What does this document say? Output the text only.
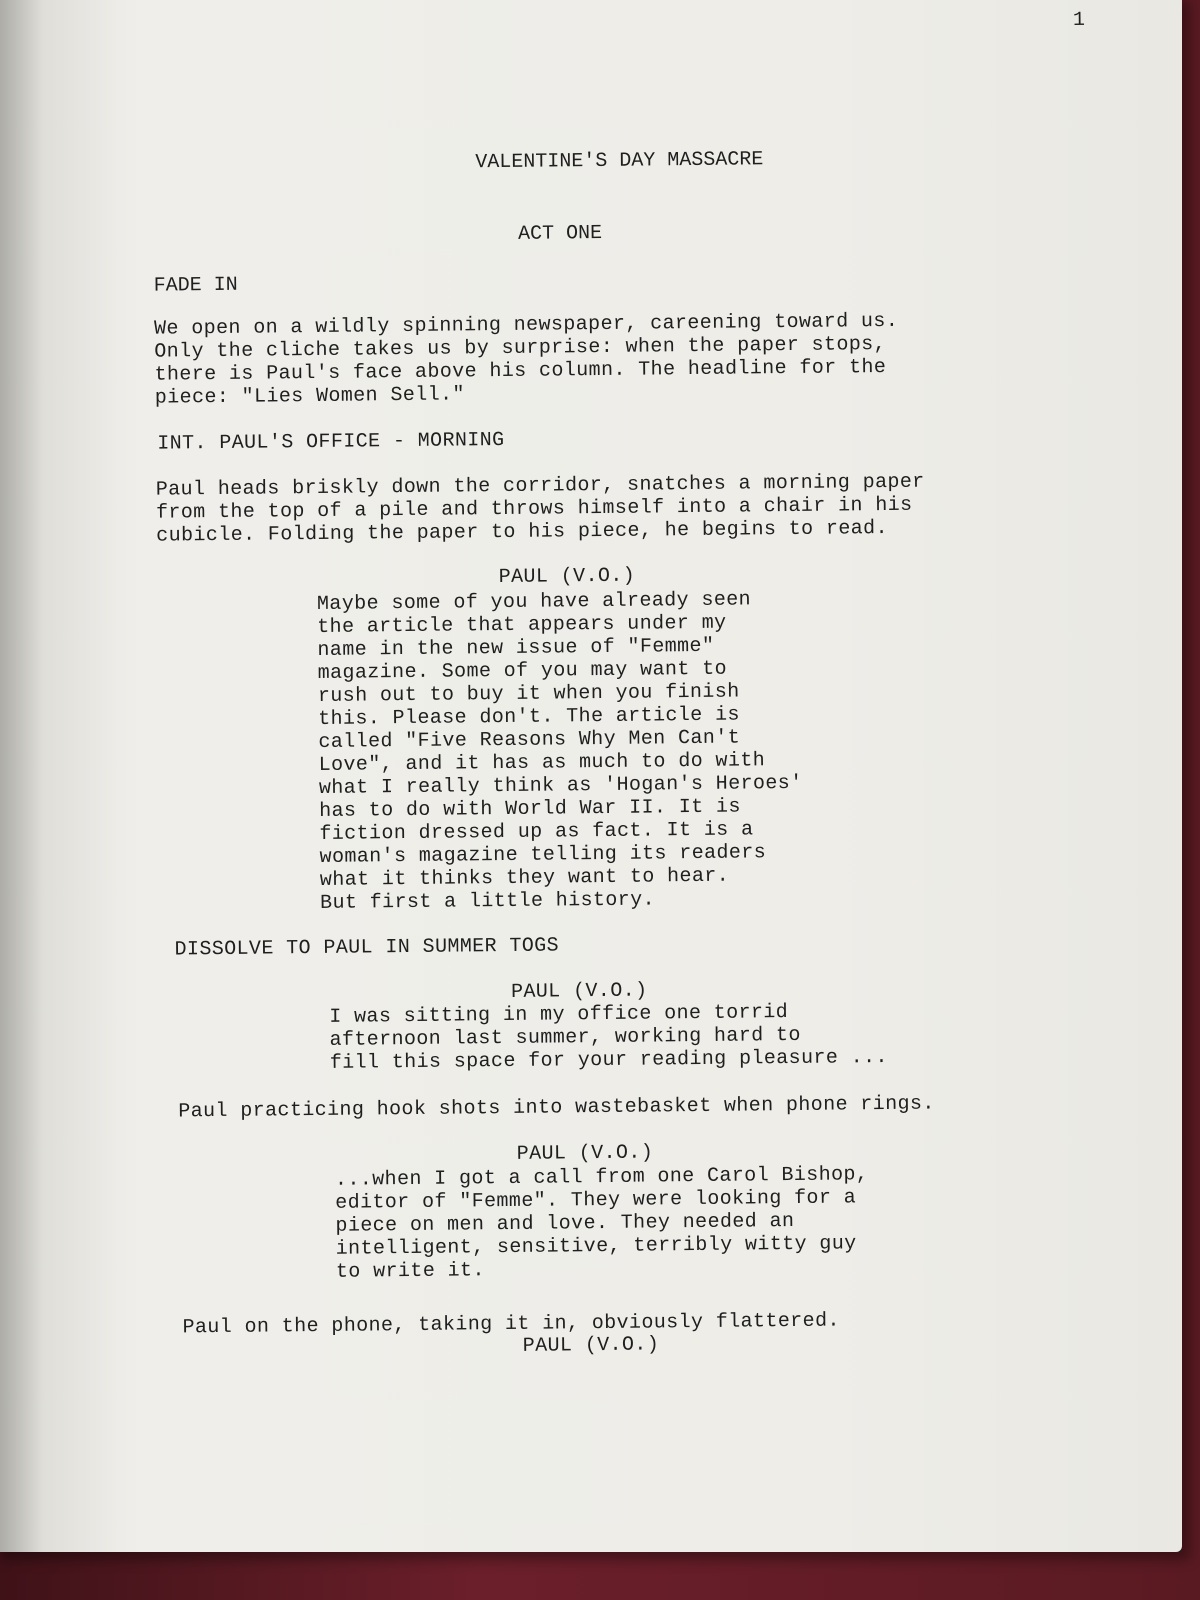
1
VALENTINE'S DAY MASSACRE
ACT ONE
FADE IN
We open on a wildly spinning newspaper, careening toward us.
Only the cliche takes us by surprise: when the paper stops,
there is Paul's face above his column. The headline for the
piece: "Lies Women Sell."
INT. PAUL'S OFFICE - MORNING
Paul heads briskly down the corridor, snatches a morning paper
from the top of a pile and throws himself into a chair in his
cubicle. Folding the paper to his piece, he begins to read.
PAUL (V.O.)
Maybe some of you have already seen
the article that appears under my
name in the new issue of "Femme"
magazine. Some of you may want to
rush out to buy it when you finish
this. Please don't. The article is
called "Five Reasons Why Men Can't
Love", and it has as much to do with
what I really think as 'Hogan's Heroes'
has to do with World War II. It is
fiction dressed up as fact. It is a
woman's magazine telling its readers
what it thinks they want to hear.
But first a little history.
DISSOLVE TO PAUL IN SUMMER TOGS
PAUL (V.O.)
I was sitting in my office one torrid
afternoon last summer, working hard to
fill this space for your reading pleasure ...
Paul practicing hook shots into wastebasket when phone rings.
PAUL (V.O.)
...when I got a call from one Carol Bishop,
editor of "Femme". They were looking for a
piece on men and love. They needed an
intelligent, sensitive, terribly witty guy
to write it.
Paul on the phone, taking it in, obviously flattered.
PAUL (V.O.)
